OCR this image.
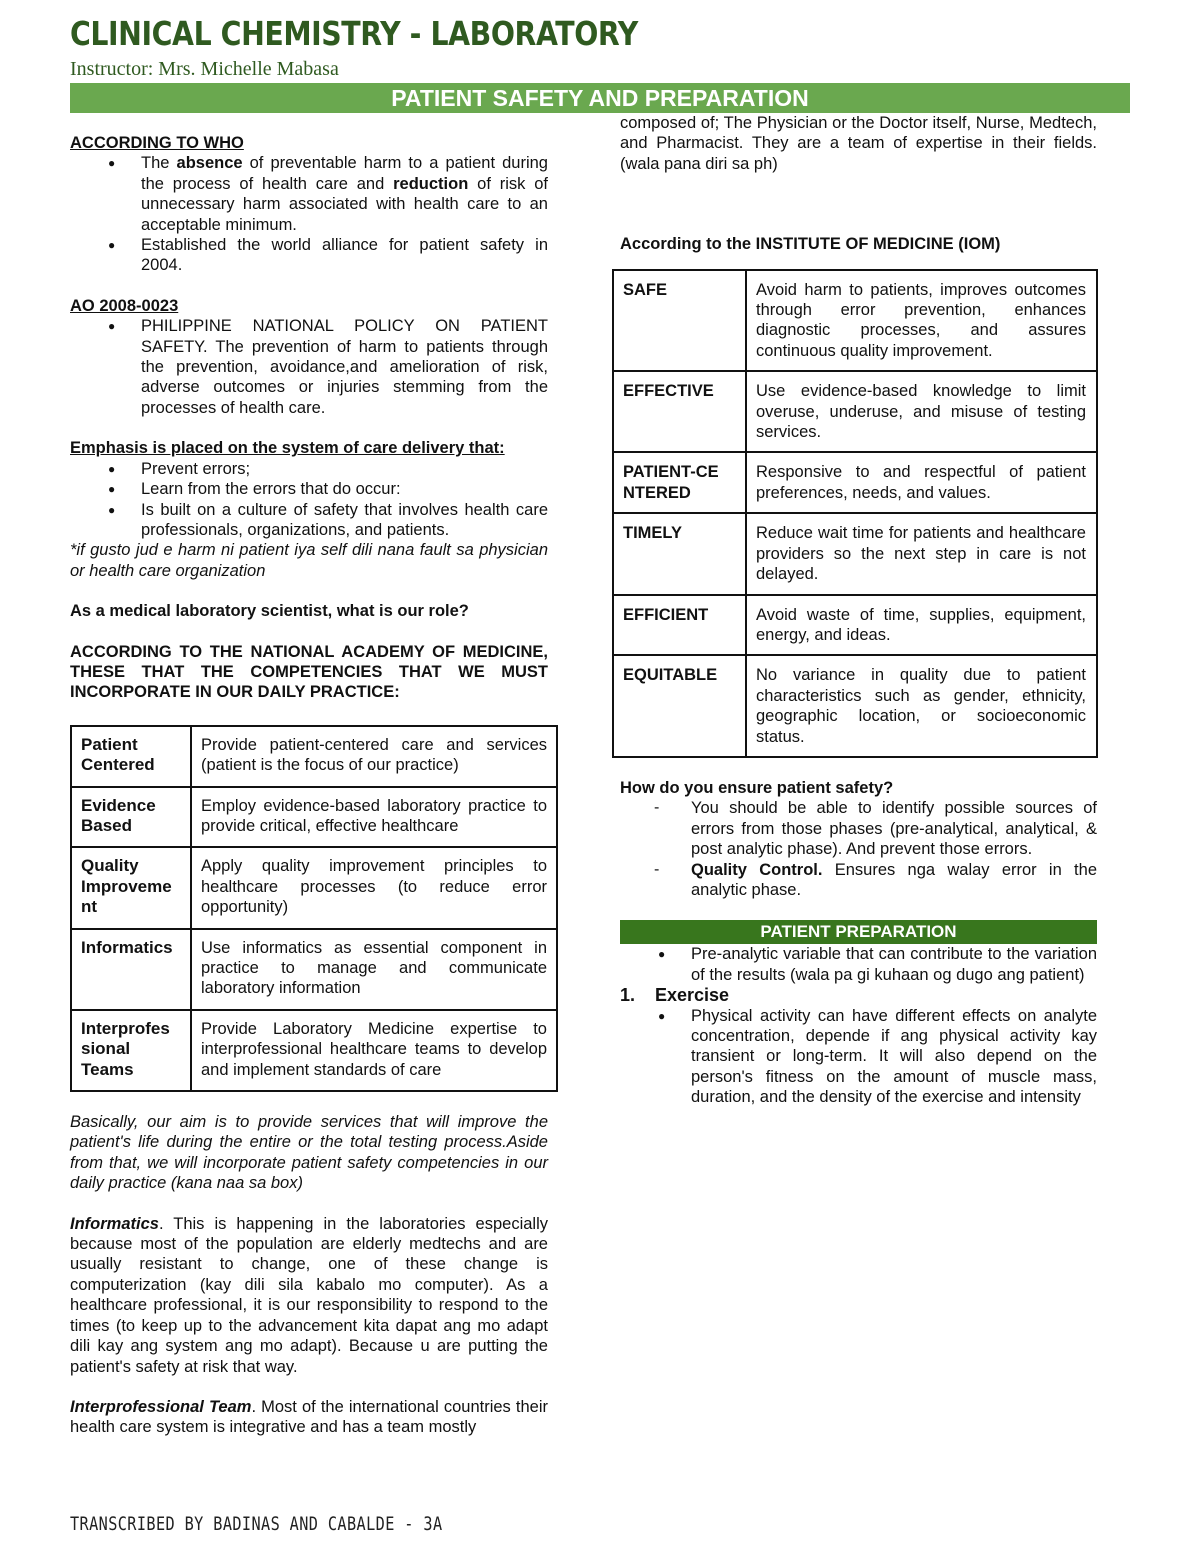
CLINICAL CHEMISTRY - LABORATORY
Instructor: Mrs. Michelle Mabasa
PATIENT SAFETY AND PREPARATION
ACCORDING TO WHO
● The absence of preventable harm to a patient during the process of health care and reduction of risk of unnecessary harm associated with health care to an acceptable minimum.
● Established the world alliance for patient safety in 2004.
AO 2008-0023
● PHILIPPINE NATIONAL POLICY ON PATIENT SAFETY. The prevention of harm to patients through the prevention, avoidance,and amelioration of risk, adverse outcomes or injuries stemming from the processes of health care.
Emphasis is placed on the system of care delivery that:
● Prevent errors;
● Learn from the errors that do occur:
● Is built on a culture of safety that involves health care professionals, organizations, and patients.
*if gusto jud e harm ni patient iya self dili nana fault sa physician or health care organization
As a medical laboratory scientist, what is our role?
ACCORDING TO THE NATIONAL ACADEMY OF MEDICINE, THESE THAT THE COMPETENCIES THAT WE MUST INCORPORATE IN OUR DAILY PRACTICE:
Patient Centered	Provide patient-centered care and services (patient is the focus of our practice)
Evidence Based	Employ evidence-based laboratory practice to provide critical, effective healthcare
Quality Improveme nt	Apply quality improvement principles to healthcare processes (to reduce error opportunity)
Informatics	Use informatics as essential component in practice to manage and communicate laboratory information
Interprofes sional Teams	Provide Laboratory Medicine expertise to interprofessional healthcare teams to develop and implement standards of care
Basically, our aim is to provide services that will improve the patient's life during the entire or the total testing process.Aside from that, we will incorporate patient safety competencies in our daily practice (kana naa sa box)
Informatics. This is happening in the laboratories especially because most of the population are elderly medtechs and are usually resistant to change, one of these change is computerization (kay dili sila kabalo mo computer). As a healthcare professional, it is our responsibility to respond to the times (to keep up to the advancement kita dapat ang mo adapt dili kay ang system ang mo adapt). Because u are putting the patient's safety at risk that way.
Interprofessional Team. Most of the international countries their health care system is integrative and has a team mostly
composed of; The Physician or the Doctor itself, Nurse, Medtech, and Pharmacist. They are a team of expertise in their fields. (wala pana diri sa ph)
According to the INSTITUTE OF MEDICINE (IOM)
SAFE	Avoid harm to patients, improves outcomes through error prevention, enhances diagnostic processes, and assures continuous quality improvement.
EFFECTIVE	Use evidence-based knowledge to limit overuse, underuse, and misuse of testing services.
PATIENT-CE NTERED	Responsive to and respectful of patient preferences, needs, and values.
TIMELY	Reduce wait time for patients and healthcare providers so the next step in care is not delayed.
EFFICIENT	Avoid waste of time, supplies, equipment, energy, and ideas.
EQUITABLE	No variance in quality due to patient characteristics such as gender, ethnicity, geographic location, or socioeconomic status.
How do you ensure patient safety?
- You should be able to identify possible sources of errors from those phases (pre-analytical, analytical, & post analytic phase). And prevent those errors.
- Quality Control. Ensures nga walay error in the analytic phase.
PATIENT PREPARATION
● Pre-analytic variable that can contribute to the variation of the results (wala pa gi kuhaan og dugo ang patient)
1. Exercise
● Physical activity can have different effects on analyte concentration, depende if ang physical activity kay transient or long-term. It will also depend on the person's fitness on the amount of muscle mass, duration, and the density of the exercise and intensity
TRANSCRIBED BY BADINAS AND CABALDE - 3A
